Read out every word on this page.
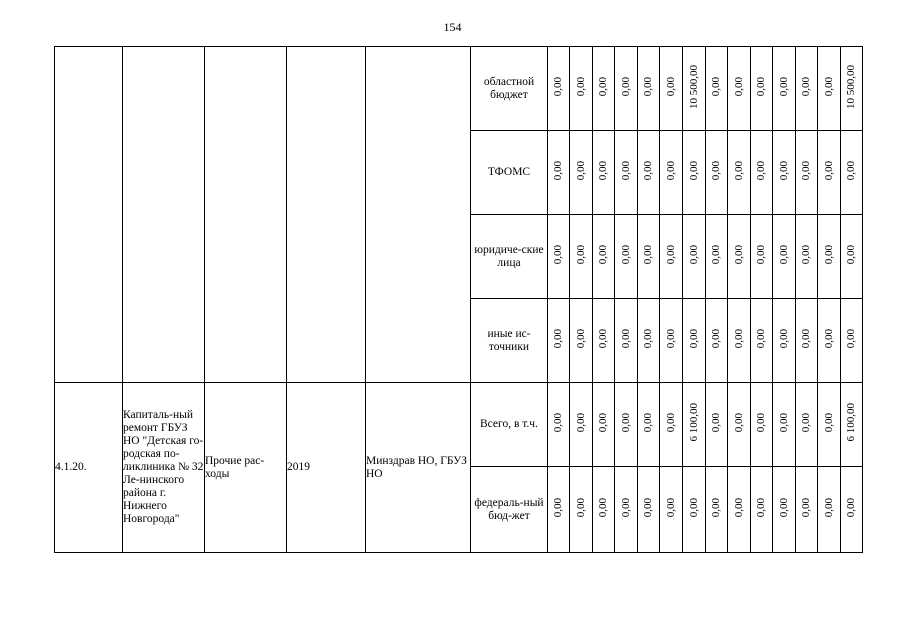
154
					областной бюджет	0,00	0,00	0,00	0,00	0,00	0,00	10 500,00	0,00	0,00	0,00	0,00	0,00	0,00	10 500,00
					ТФОМС	0,00	0,00	0,00	0,00	0,00	0,00	0,00	0,00	0,00	0,00	0,00	0,00	0,00	0,00
					юридиче-ские лица	0,00	0,00	0,00	0,00	0,00	0,00	0,00	0,00	0,00	0,00	0,00	0,00	0,00	0,00
					иные ис-точники	0,00	0,00	0,00	0,00	0,00	0,00	0,00	0,00	0,00	0,00	0,00	0,00	0,00	0,00
4.1.20.	Капиталь-ный ремонт ГБУЗ НО "Детская го-родская по-ликлиника № 32 Ле-нинского района г. Нижнего Новгорода"	Прочие рас-ходы	2019	Минздрав НО, ГБУЗ НО	Всего, в т.ч.	0,00	0,00	0,00	0,00	0,00	0,00	6 100,00	0,00	0,00	0,00	0,00	0,00	0,00	6 100,00
					федераль-ный бюд-жет	0,00	0,00	0,00	0,00	0,00	0,00	0,00	0,00	0,00	0,00	0,00	0,00	0,00	0,00
